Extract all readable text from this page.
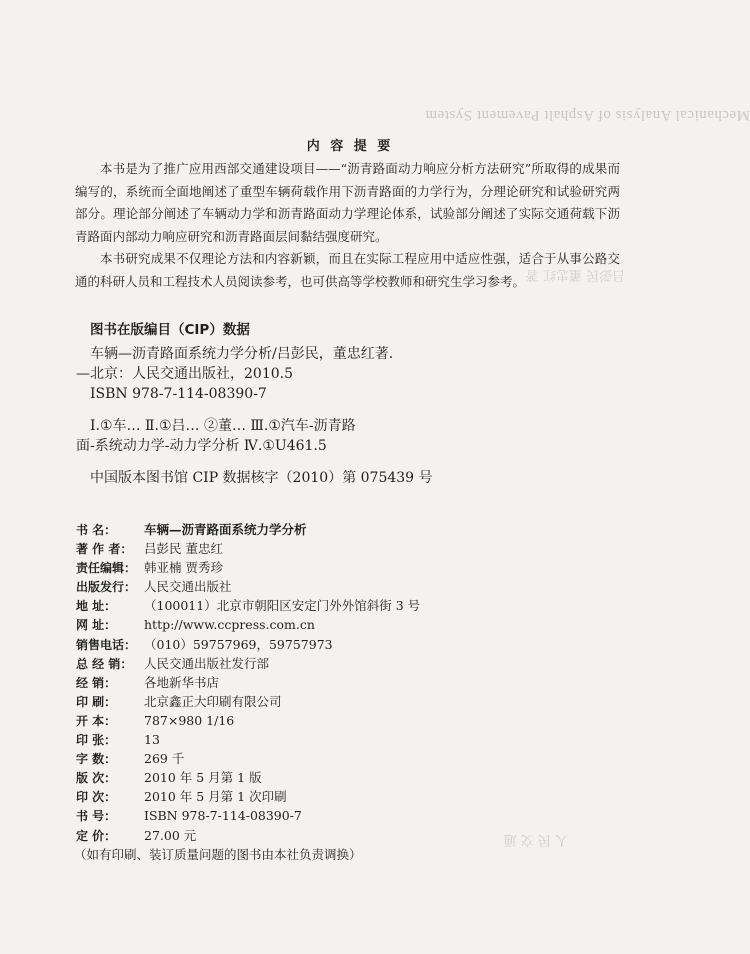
Mechanical Analysis of Asphalt Pavement System
吕彭民 董忠红 著
人 民 交 通
内 容 提 要

本书是为了推广应用西部交通建设项目——“沥青路面动力响应分析方法研究”所取得的成果而编写的，系统而全面地阐述了重型车辆荷载作用下沥青路面的力学行为，分理论研究和试验研究两部分。理论部分阐述了车辆动力学和沥青路面动力学理论体系，试验部分阐述了实际交通荷载下沥青路面内部动力响应研究和沥青路面层间黏结强度研究。

本书研究成果不仅理论方法和内容新颖，而且在实际工程应用中适应性强，适合于从事公路交通的科研人员和工程技术人员阅读参考，也可供高等学校教师和研究生学习参考。

图书在版编目（CIP）数据
车辆—沥青路面系统力学分析/吕彭民，董忠红著.
—北京：人民交通出版社，2010.5
ISBN 978-7-114-08390-7
Ⅰ.①车… Ⅱ.①吕… ②董… Ⅲ.①汽车-沥青路
面-系统动力学-动力学分析 Ⅳ.①U461.5
中国版本图书馆 CIP 数据核字（2010）第 075439 号
书 名： 车辆—沥青路面系统力学分析
著 作 者： 吕彭民 董忠红
责任编辑： 韩亚楠 贾秀珍
出版发行： 人民交通出版社
地 址： （100011）北京市朝阳区安定门外外馆斜街 3 号
网 址： http://www.ccpress.com.cn
销售电话： （010）59757969，59757973
总 经 销： 人民交通出版社发行部
经 销： 各地新华书店
印 刷： 北京鑫正大印刷有限公司
开 本： 787×980 1/16
印 张： 13
字 数： 269 千
版 次： 2010 年 5 月第 1 版
印 次： 2010 年 5 月第 1 次印刷
书 号： ISBN 978-7-114-08390-7
定 价： 27.00 元
（如有印刷、装订质量问题的图书由本社负责调换）
